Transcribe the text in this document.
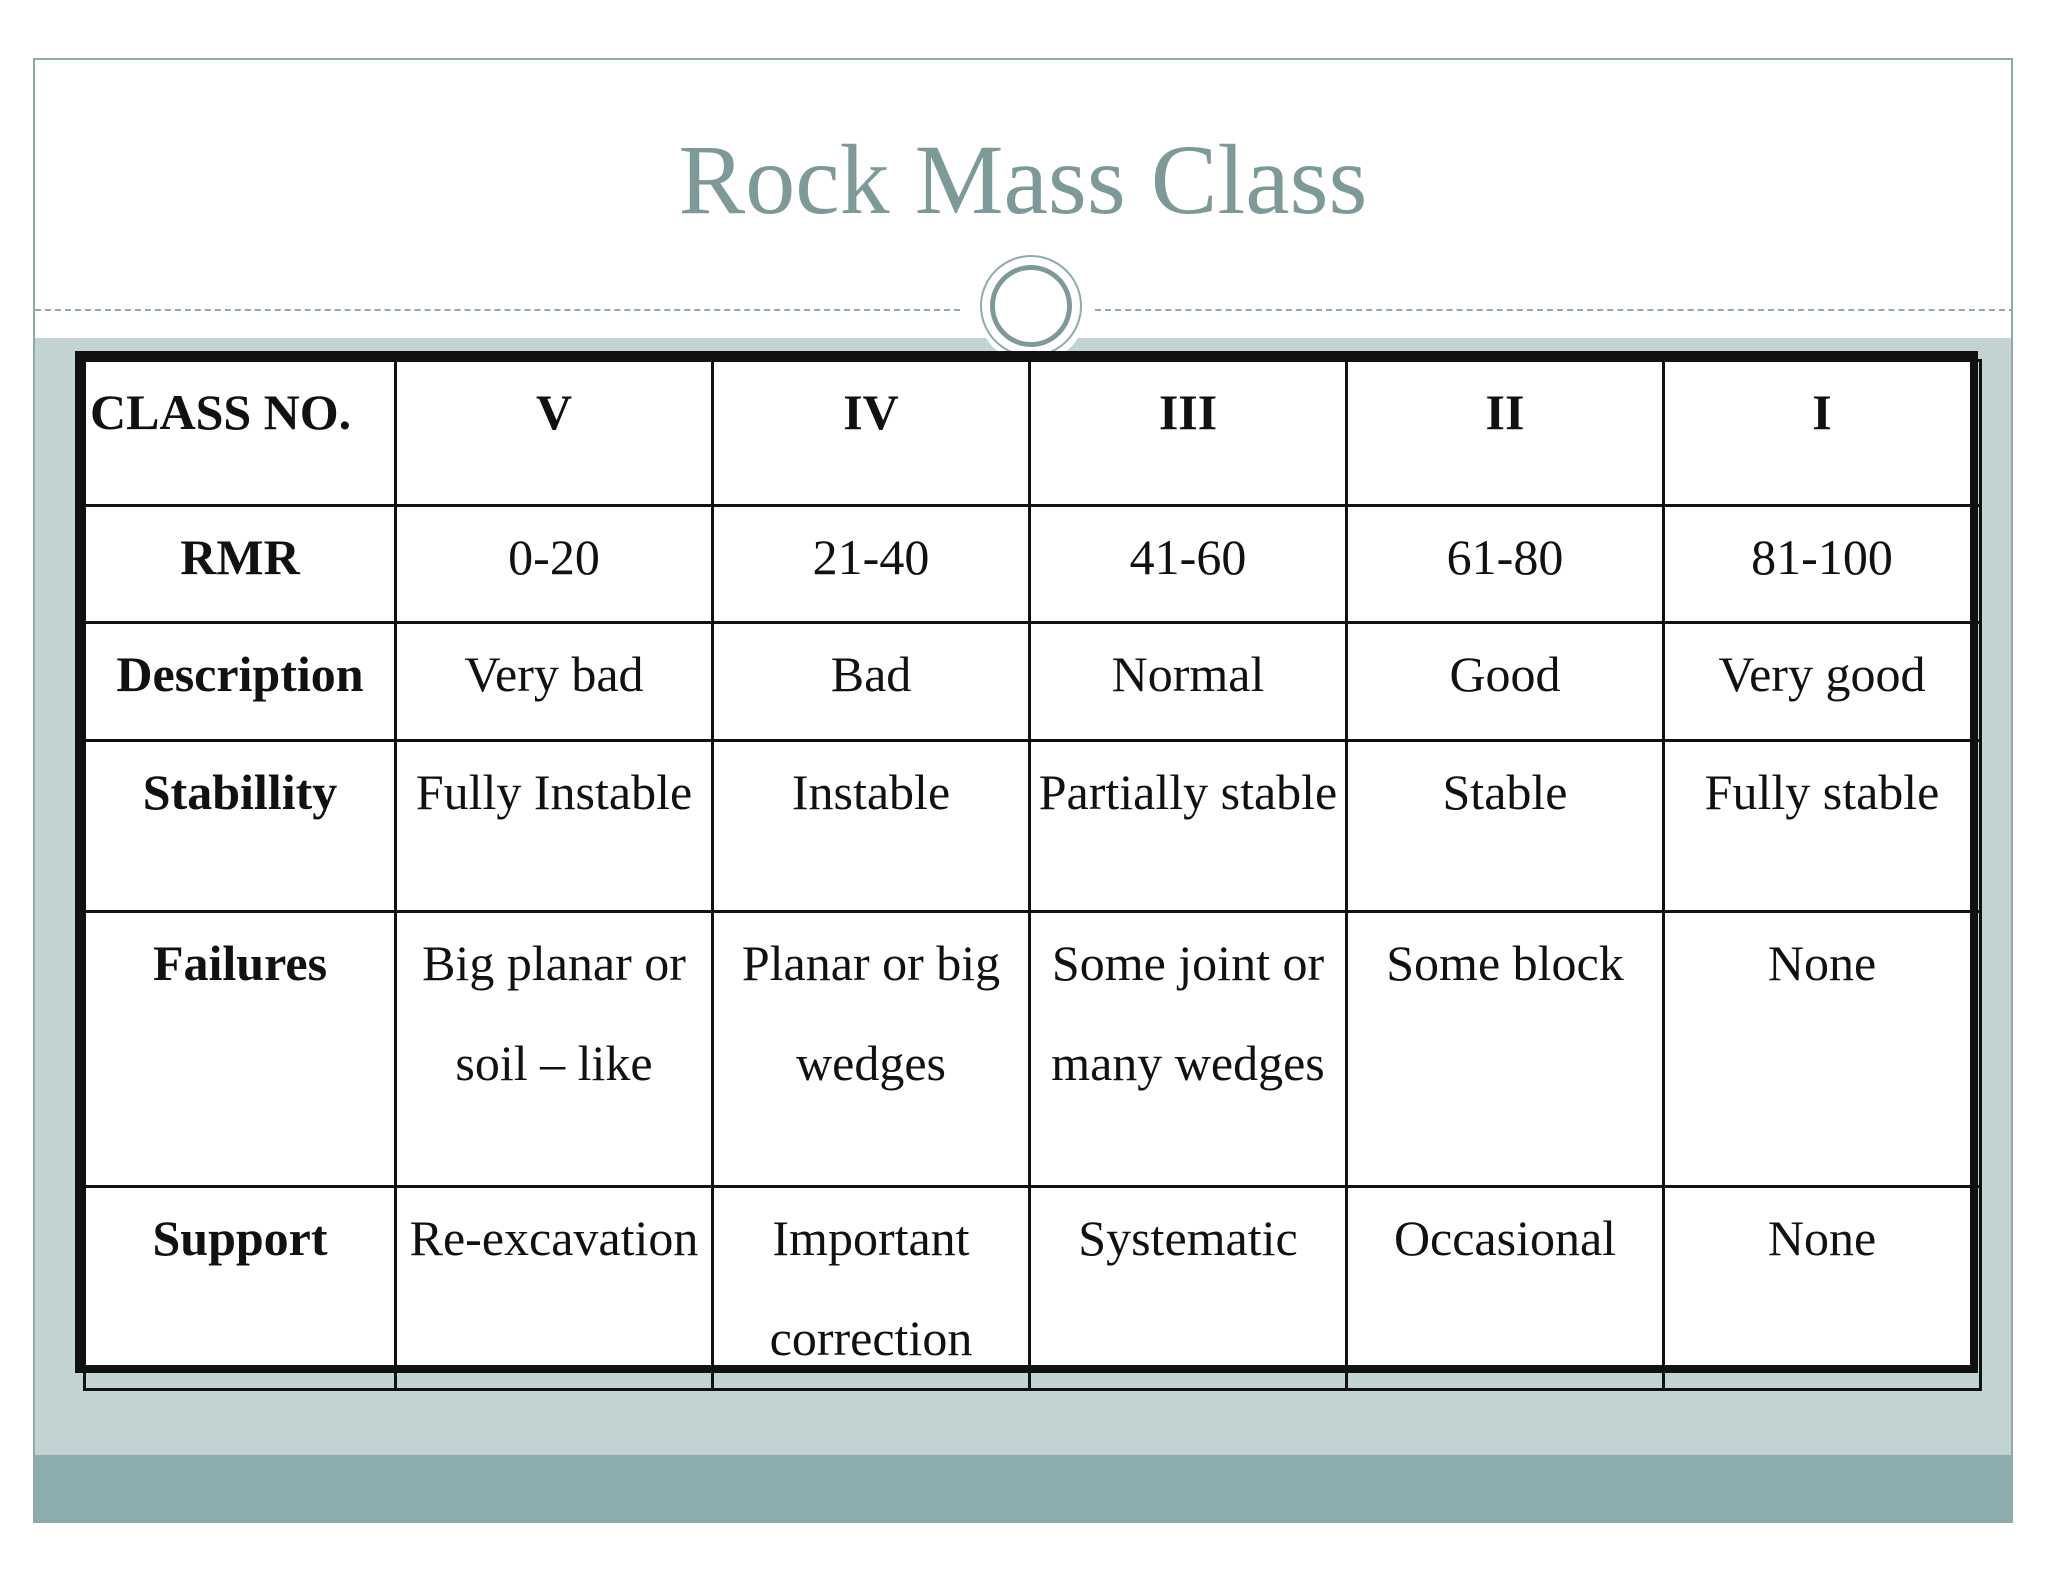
Rock Mass Class
CLASS NO.	V	IV	III	II	I
RMR	0-20	21-40	41-60	61-80	81-100
Description	Very bad	Bad	Normal	Good	Very good
Stabillity	Fully Instable	Instable	Partially stable	Stable	Fully stable
Failures	Big planar or soil – like	Planar or big wedges	Some joint or many wedges	Some block	None
Support	Re-excavation	Important correction	Systematic	Occasional	None
